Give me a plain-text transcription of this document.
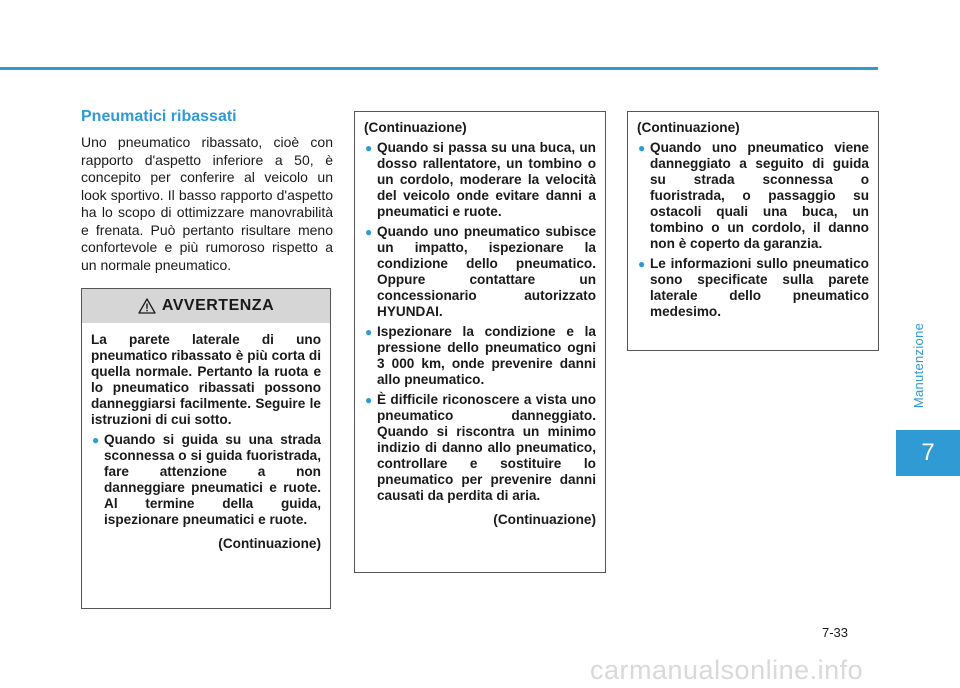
Pneumatici ribassati

Uno pneumatico ribassato, cioè con rapporto d'aspetto inferiore a 50, è concepito per conferire al veicolo un look sportivo. Il basso rapporto d'aspetto ha lo scopo di ottimizzare manovrabilità e frenata. Può pertanto risultare meno confortevole e più rumoroso rispetto a un normale pneumatico.

AVVERTENZA

La parete laterale di uno pneumatico ribassato è più corta di quella normale. Pertanto la ruota e lo pneumatico ribassati possono danneggiarsi facilmente. Seguire le istruzioni di cui sotto.

● Quando si guida su una strada sconnessa o si guida fuoristrada, fare attenzione a non danneggiare pneumatici e ruote. Al termine della guida, ispezionare pneumatici e ruote.

(Continuazione)

(Continuazione)

● Quando si passa su una buca, un dosso rallentatore, un tombino o un cordolo, moderare la velocità del veicolo onde evitare danni a pneumatici e ruote.
● Quando uno pneumatico subisce un impatto, ispezionare la condizione dello pneumatico. Oppure contattare un concessionario autorizzato HYUNDAI.
● Ispezionare la condizione e la pressione dello pneumatico ogni 3 000 km, onde prevenire danni allo pneumatico.
● È difficile riconoscere a vista uno pneumatico danneggiato. Quando si riscontra un minimo indizio di danno allo pneumatico, controllare e sostituire lo pneumatico per prevenire danni causati da perdita di aria.

(Continuazione)

(Continuazione)

● Quando uno pneumatico viene danneggiato a seguito di guida su strada sconnessa o fuoristrada, o passaggio su ostacoli quali una buca, un tombino o un cordolo, il danno non è coperto da garanzia.
● Le informazioni sullo pneumatico sono specificate sulla parete laterale dello pneumatico medesimo.
Manutenzione
7
7-33
carmanualsonline.info
